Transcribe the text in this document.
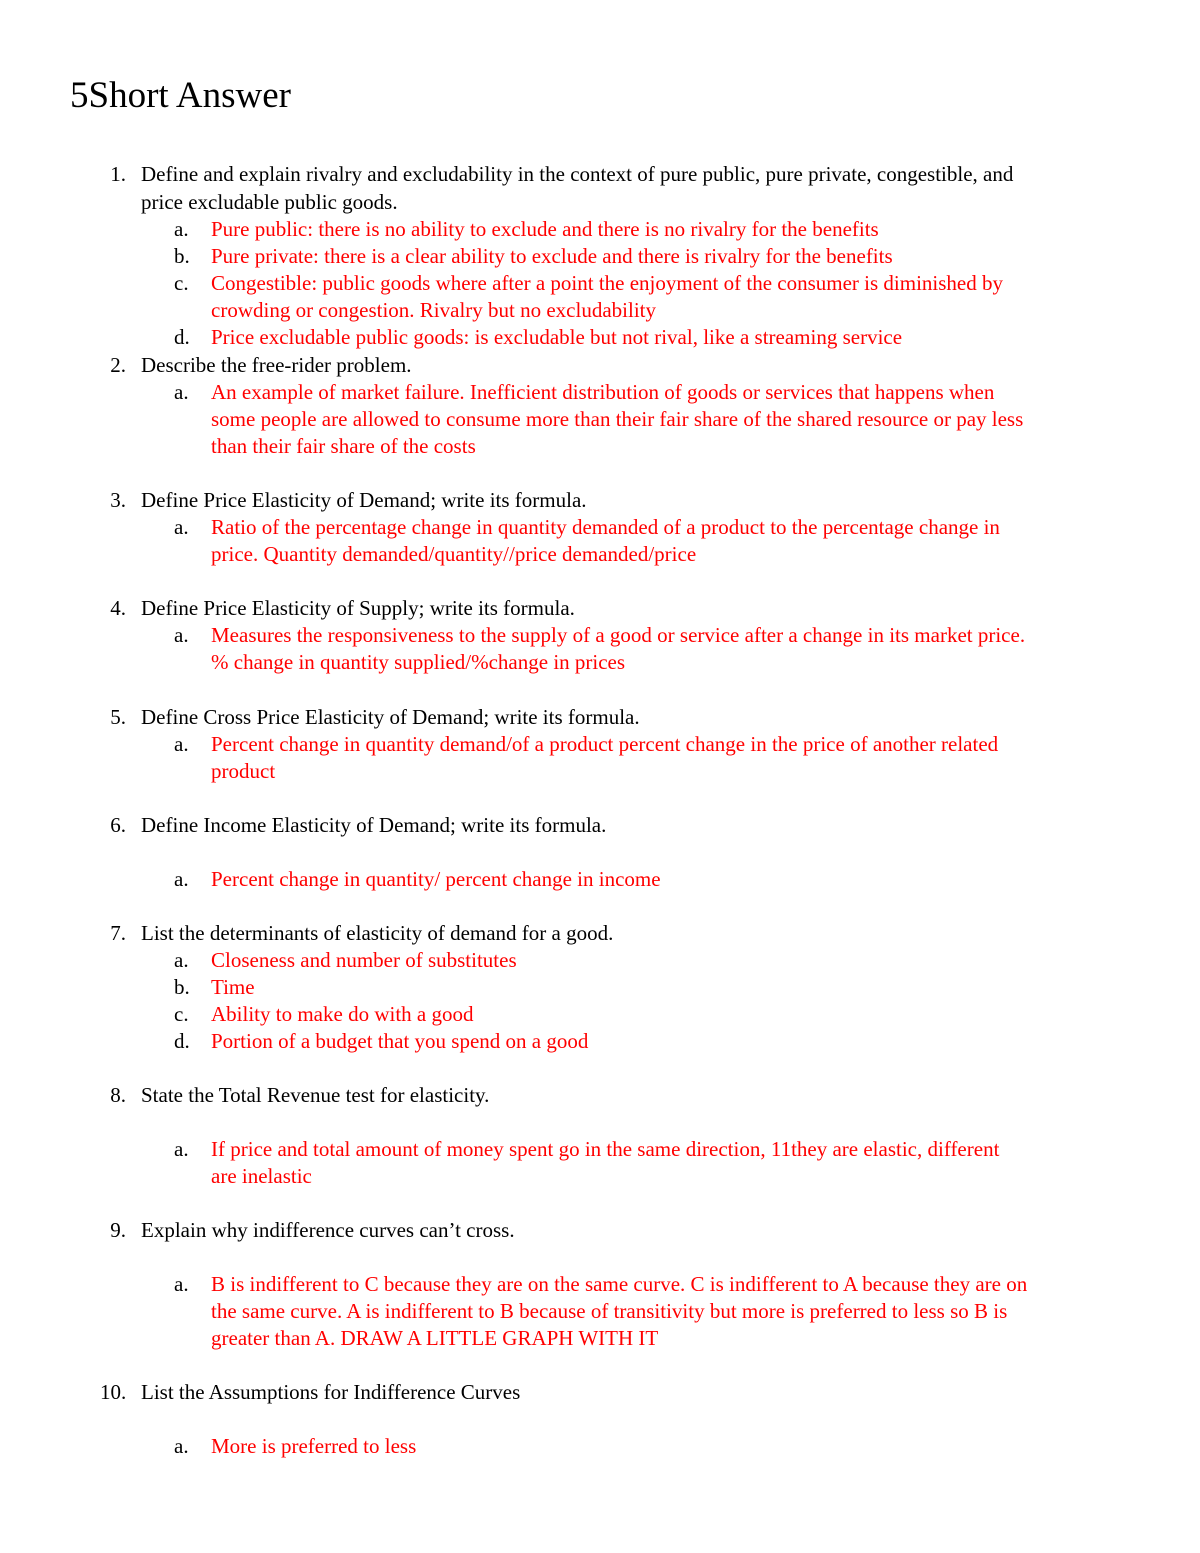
5Short Answer
1. Define and explain rivalry and excludability in the context of pure public, pure private, congestible, and
price excludable public goods.
a. Pure public: there is no ability to exclude and there is no rivalry for the benefits
b. Pure private: there is a clear ability to exclude and there is rivalry for the benefits
c. Congestible: public goods where after a point the enjoyment of the consumer is diminished by
crowding or congestion. Rivalry but no excludability
d. Price excludable public goods: is excludable but not rival, like a streaming service
2. Describe the free-rider problem.
a. An example of market failure. Inefficient distribution of goods or services that happens when
some people are allowed to consume more than their fair share of the shared resource or pay less
than their fair share of the costs
3. Define Price Elasticity of Demand; write its formula.
a. Ratio of the percentage change in quantity demanded of a product to the percentage change in
price. Quantity demanded/quantity//price demanded/price
4. Define Price Elasticity of Supply; write its formula.
a. Measures the responsiveness to the supply of a good or service after a change in its market price.
% change in quantity supplied/%change in prices
5. Define Cross Price Elasticity of Demand; write its formula.
a. Percent change in quantity demand/of a product percent change in the price of another related
product
6. Define Income Elasticity of Demand; write its formula.
a. Percent change in quantity/ percent change in income
7. List the determinants of elasticity of demand for a good.
a. Closeness and number of substitutes
b. Time
c. Ability to make do with a good
d. Portion of a budget that you spend on a good
8. State the Total Revenue test for elasticity.
a. If price and total amount of money spent go in the same direction, 11they are elastic, different
are inelastic
9. Explain why indifference curves can’t cross.
a. B is indifferent to C because they are on the same curve. C is indifferent to A because they are on
the same curve. A is indifferent to B because of transitivity but more is preferred to less so B is
greater than A. DRAW A LITTLE GRAPH WITH IT
10. List the Assumptions for Indifference Curves
a. More is preferred to less
